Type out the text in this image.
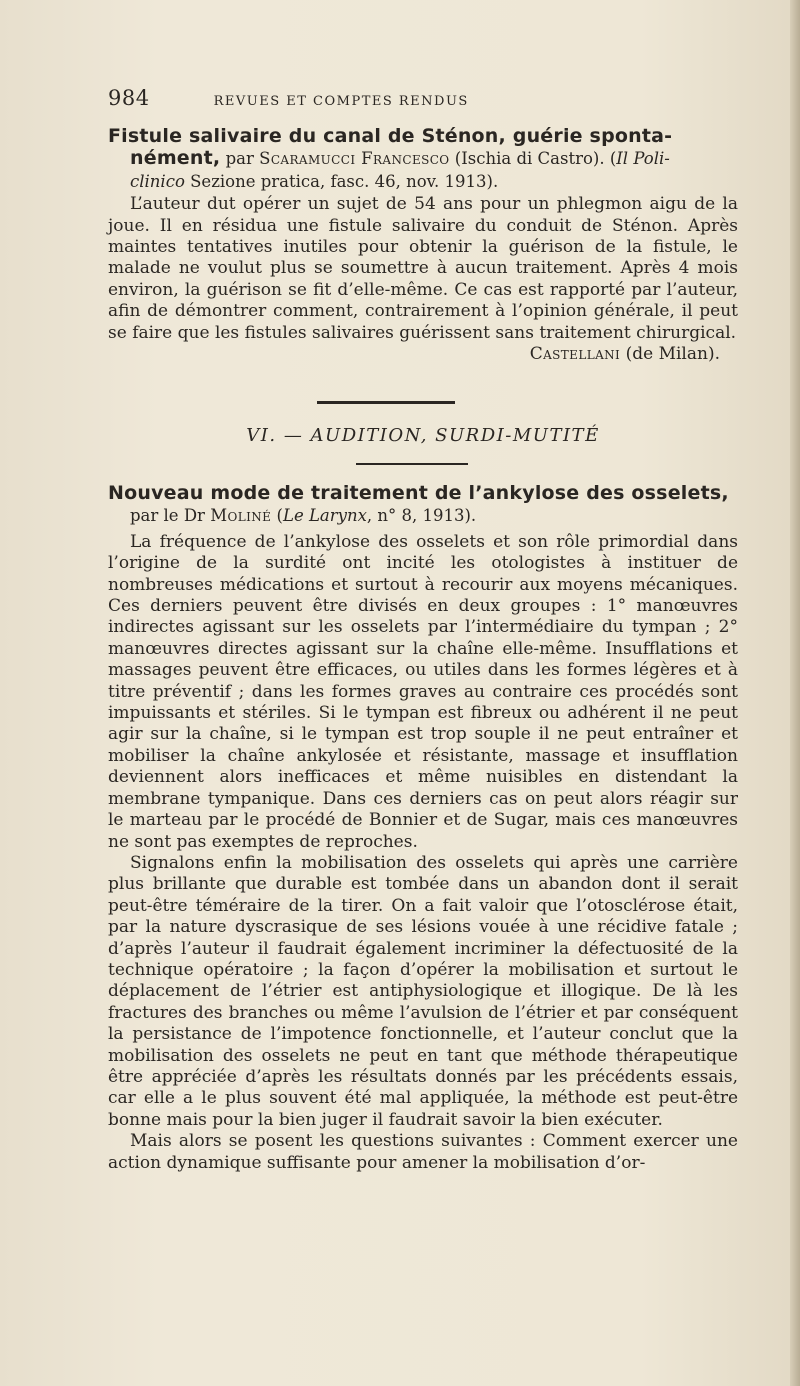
984	REVUES ET COMPTES RENDUS

Fistule salivaire du canal de Sténon, guérie sponta-
nément, par Scaramucci Francesco (Ischia di Castro). (Il Poli-
clinico Sezione pratica, fasc. 46, nov. 1913).

L’auteur dut opérer un sujet de 54 ans pour un phlegmon aigu de la joue. Il en résidua une fistule salivaire du conduit de Sténon. Après maintes tentatives inutiles pour obtenir la guérison de la fistule, le malade ne voulut plus se soumettre à aucun traitement. Après 4 mois environ, la guérison se fit d’elle-même. Ce cas est rapporté par l’auteur, afin de démontrer comment, contrairement à l’opinion générale, il peut se faire que les fistules salivaires guérissent sans traitement chirurgical.
Castellani (de Milan).

VI. — AUDITION, SURDI-MUTITÉ

Nouveau mode de traitement de l’ankylose des osselets,
par le Dr Moliné (Le Larynx, n° 8, 1913).

La fréquence de l’ankylose des osselets et son rôle primordial dans l’origine de la surdité ont incité les otologistes à instituer de nombreuses médications et surtout à recourir aux moyens mécaniques. Ces derniers peuvent être divisés en deux groupes : 1° manœuvres indirectes agissant sur les osselets par l’intermédiaire du tympan ; 2° manœuvres directes agissant sur la chaîne elle-même. Insufflations et massages peuvent être efficaces, ou utiles dans les formes légères et à titre préventif ; dans les formes graves au contraire ces procédés sont impuissants et stériles. Si le tympan est fibreux ou adhérent il ne peut agir sur la chaîne, si le tympan est trop souple il ne peut entraîner et mobiliser la chaîne ankylosée et résistante, massage et insufflation deviennent alors inefficaces et même nuisibles en distendant la membrane tympanique. Dans ces derniers cas on peut alors réagir sur le marteau par le procédé de Bonnier et de Sugar, mais ces manœuvres ne sont pas exemptes de reproches.

Signalons enfin la mobilisation des osselets qui après une carrière plus brillante que durable est tombée dans un abandon dont il serait peut-être téméraire de la tirer. On a fait valoir que l’otosclérose était, par la nature dyscrasique de ses lésions vouée à une récidive fatale ; d’après l’auteur il faudrait également incriminer la défectuosité de la technique opératoire ; la façon d’opérer la mobilisation et surtout le déplacement de l’étrier est antiphysiologique et illogique. De là les fractures des branches ou même l’avulsion de l’étrier et par conséquent la persistance de l’impotence fonctionnelle, et l’auteur conclut que la mobilisation des osselets ne peut en tant que méthode thérapeutique être appréciée d’après les résultats donnés par les précédents essais, car elle a le plus souvent été mal appliquée, la méthode est peut-être bonne mais pour la bien juger il faudrait savoir la bien exécuter.

Mais alors se posent les questions suivantes : Comment exercer une action dynamique suffisante pour amener la mobilisation d’or-
